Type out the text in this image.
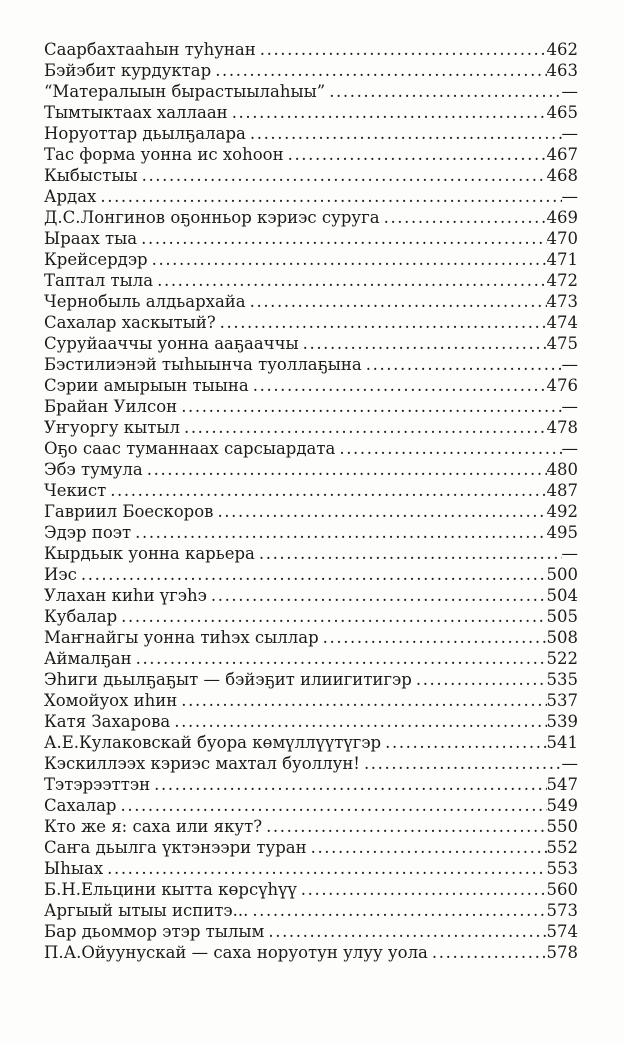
Саарбахтааһын туһунан .....	462
Бэйэбит курдуктар .....	463
“Матералыын бырастыылаһыы” .....	—
Тымтыктаах халлаан .....	465
Норуоттар дьылҕалара .....	—
Тас форма уонна ис хоһоон .....	467
Кыбыстыы .....	468
Ардах .....	—
Д.С.Лонгинов оҕонньор кэриэс суруга .....	469
Ыраах тыа .....	470
Крейсердэр .....	471
Таптал тыла .....	472
Чернобыль алдьархайа .....	473
Сахалар хаскытый? .....	474
Суруйааччы уонна ааҕааччы .....	475
Бэстилиэнэй тыһыынча туоллаҕына .....	—
Сэрии амырыын тыына .....	476
Брайан Уилсон .....	—
Уҥуоргу кытыл .....	478
Оҕо саас туманнаах сарсыардата .....	—
Эбэ тумула .....	480
Чекист .....	487
Гавриил Боескоров .....	492
Эдэр поэт .....	495
Кырдьык уонна карьера .....	—
Иэс .....	500
Улахан киһи үгэһэ .....	504
Кубалар .....	505
Маҥнайгы уонна тиһэх сыллар .....	508
Аймалҕан .....	522
Эһиги дьылҕаҕыт — бэйэҕит илиигитигэр .....	535
Хомойуох иһин .....	537
Катя Захарова .....	539
А.Е.Кулаковскай буора көмүллүүтүгэр .....	541
Кэскиллээх кэриэс махтал буоллун! .....	—
Тэтэрээттэн .....	547
Сахалар .....	549
Кто же я: саха или якут? .....	550
Саҥа дьылга үктэнээри туран .....	552
Ыһыах .....	553
Б.Н.Ельцини кытта көрсүһүү .....	560
Аргыый ытыы испитэ... .....	573
Бар дьоммор этэр тылым .....	574
П.А.Ойуунускай — саха норуотун улуу уола .....	578
